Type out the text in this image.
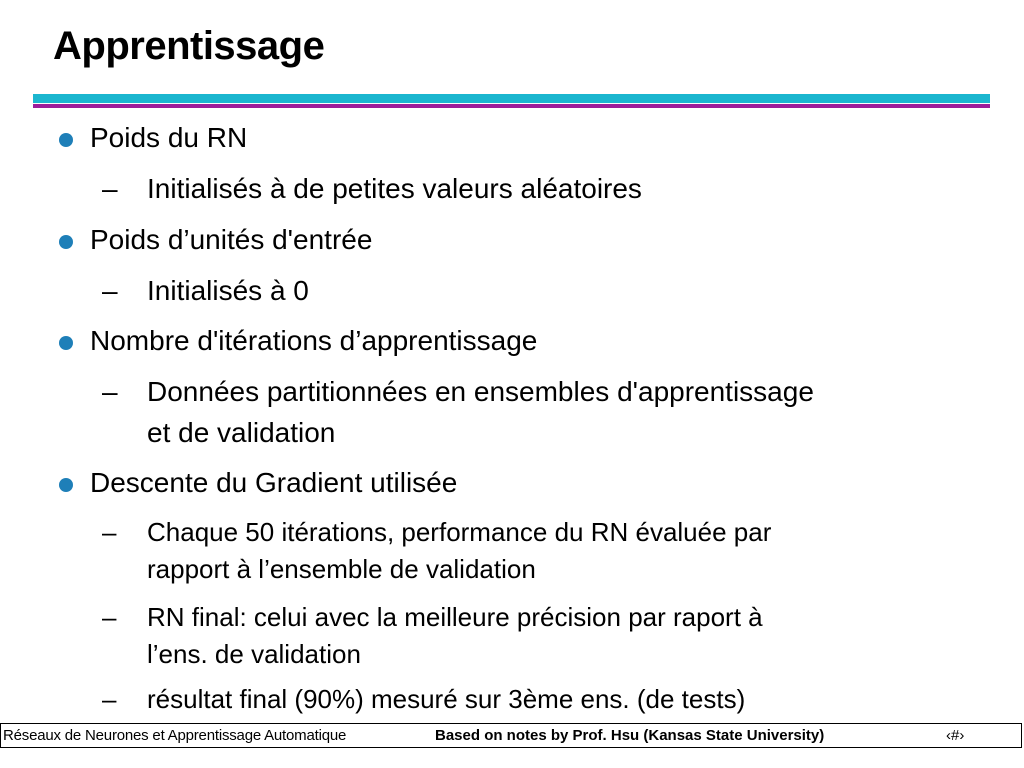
Apprentissage
Poids du RN
– Initialisés à de petites valeurs aléatoires
Poids d’unités d'entrée
– Initialisés à 0
Nombre d'itérations d’apprentissage
– Données partitionnées en ensembles d'apprentissage
et de validation
Descente du Gradient utilisée
– Chaque 50 itérations, performance du RN évaluée par
rapport à l’ensemble de validation
– RN final: celui avec la meilleure précision par raport à
l’ens. de validation
– résultat final (90%) mesuré sur 3ème ens. (de tests)
Réseaux de Neurones et Apprentissage Automatique	Based on notes by Prof. Hsu (Kansas State University)	‹#›
